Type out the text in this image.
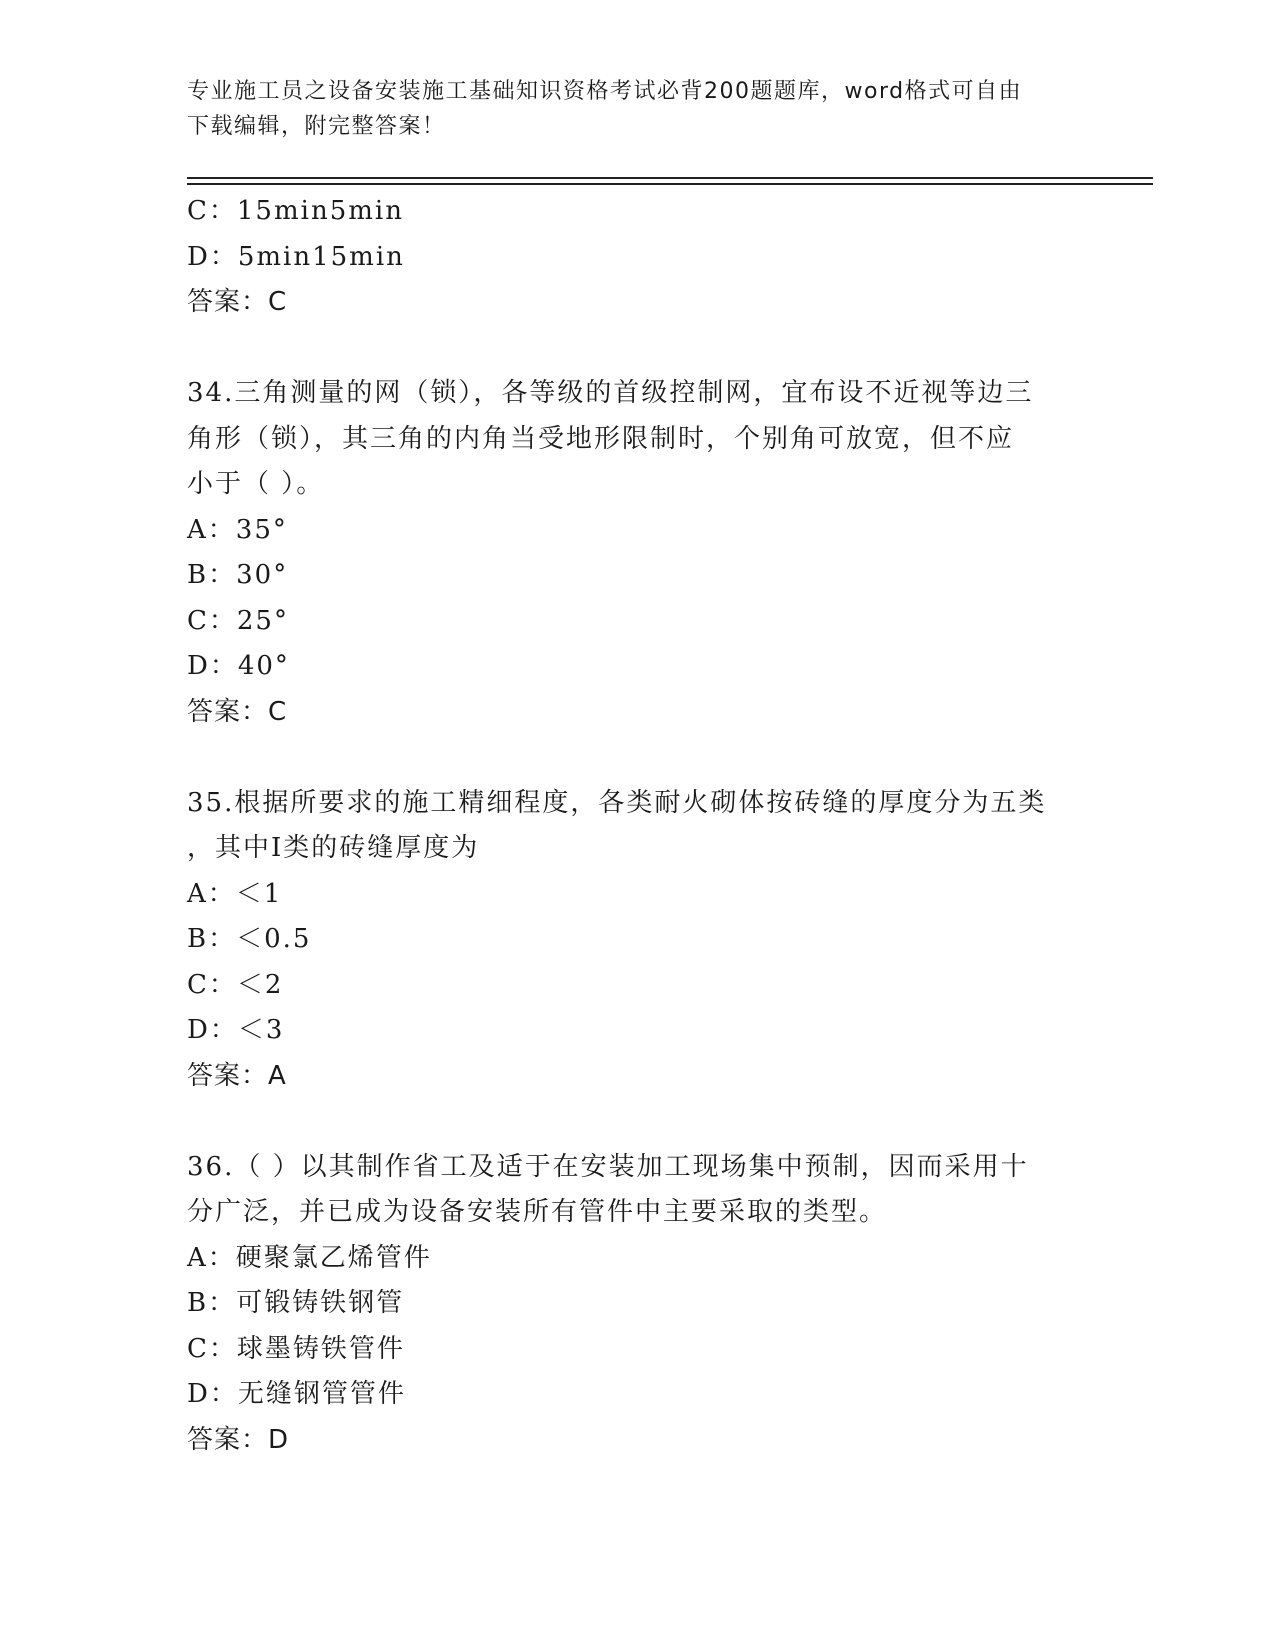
专业施工员之设备安装施工基础知识资格考试必背200题题库，word格式可自由
下载编辑，附完整答案！
C：15min5min
D：5min15min
答案：C
34.三角测量的网（锁），各等级的首级控制网，宜布设不近视等边三
角形（锁），其三角的内角当受地形限制时，个别角可放宽，但不应
小于（ ）。
A：35°
B：30°
C：25°
D：40°
答案：C
35.根据所要求的施工精细程度，各类耐火砌体按砖缝的厚度分为五类
，其中Ⅰ类的砖缝厚度为
A：＜1
B：＜0.5
C：＜2
D：＜3
答案：A
36.（ ）以其制作省工及适于在安装加工现场集中预制，因而采用十
分广泛，并已成为设备安装所有管件中主要采取的类型。
A：硬聚氯乙烯管件
B：可锻铸铁钢管
C：球墨铸铁管件
D：无缝钢管管件
答案：D
